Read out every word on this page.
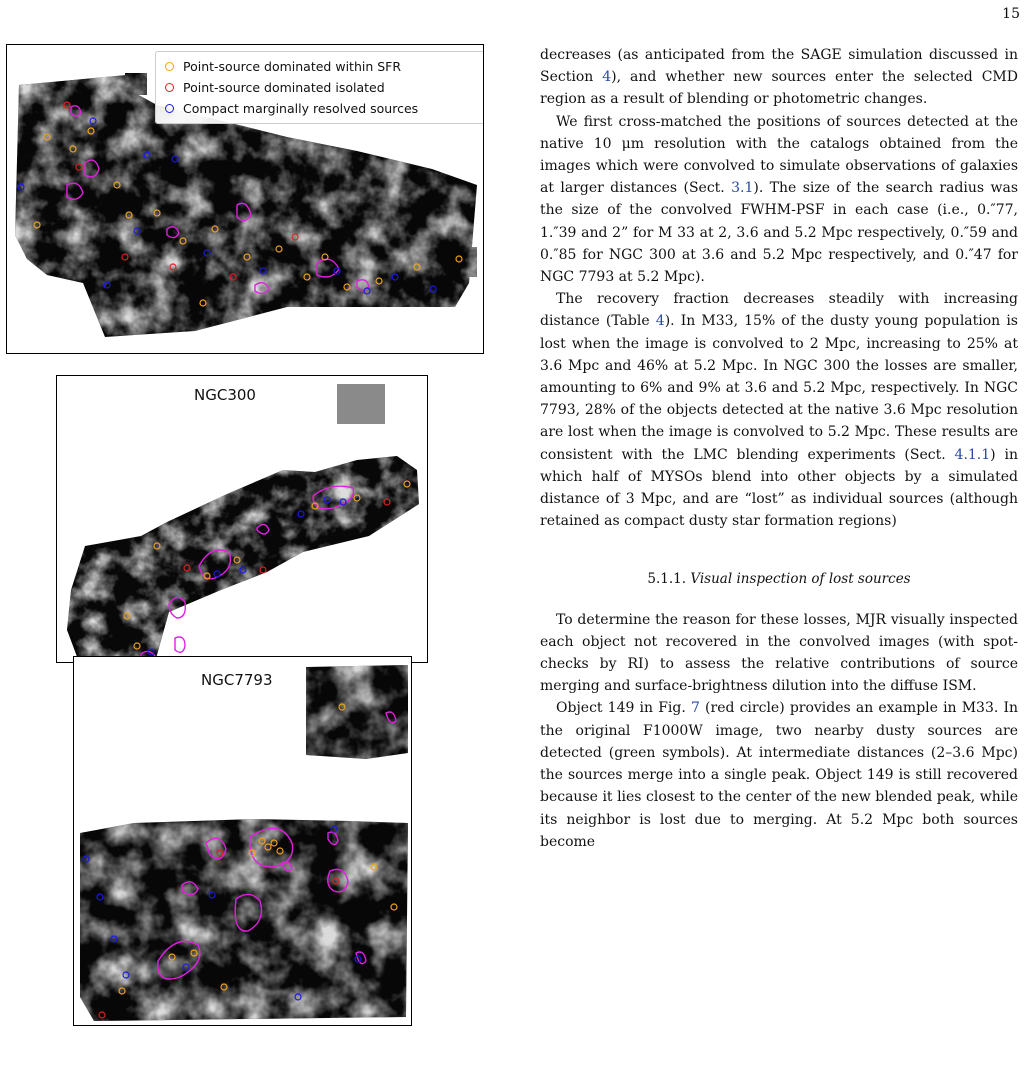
15
Point-source dominated within SFR
Point-source dominated isolated
Compact marginally resolved sources
NGC300
NGC7793

decreases (as anticipated from the SAGE simulation discussed in Section 4), and whether new sources enter the selected CMD region as a result of blending or photometric changes.

We first cross-matched the positions of sources detected at the native 10 μm resolution with the catalogs obtained from the images which were convolved to simulate observations of galaxies at larger distances (Sect. 3.1). The size of the search radius was the size of the convolved FWHM-PSF in each case (i.e., 0.″77, 1.″39 and 2” for M 33 at 2, 3.6 and 5.2 Mpc respectively, 0.″59 and 0.″85 for NGC 300 at 3.6 and 5.2 Mpc respectively, and 0.″47 for NGC 7793 at 5.2 Mpc).

The recovery fraction decreases steadily with increasing distance (Table 4). In M33, 15% of the dusty young population is lost when the image is convolved to 2 Mpc, increasing to 25% at 3.6 Mpc and 46% at 5.2 Mpc. In NGC 300 the losses are smaller, amounting to 6% and 9% at 3.6 and 5.2 Mpc, respectively. In NGC 7793, 28% of the objects detected at the native 3.6 Mpc resolution are lost when the image is convolved to 5.2 Mpc. These results are consistent with the LMC blending experiments (Sect. 4.1.1) in which half of MYSOs blend into other objects by a simulated distance of 3 Mpc, and are “lost” as individual sources (although retained as compact dusty star formation regions)

5.1.1. Visual inspection of lost sources

To determine the reason for these losses, MJR visually inspected each object not recovered in the convolved images (with spot-checks by RI) to assess the relative contributions of source merging and surface-brightness dilution into the diffuse ISM.

Object 149 in Fig. 7 (red circle) provides an example in M33. In the original F1000W image, two nearby dusty sources are detected (green symbols). At intermediate distances (2–3.6 Mpc) the sources merge into a single peak. Object 149 is still recovered because it lies closest to the center of the new blended peak, while its neighbor is lost due to merging. At 5.2 Mpc both sources become
